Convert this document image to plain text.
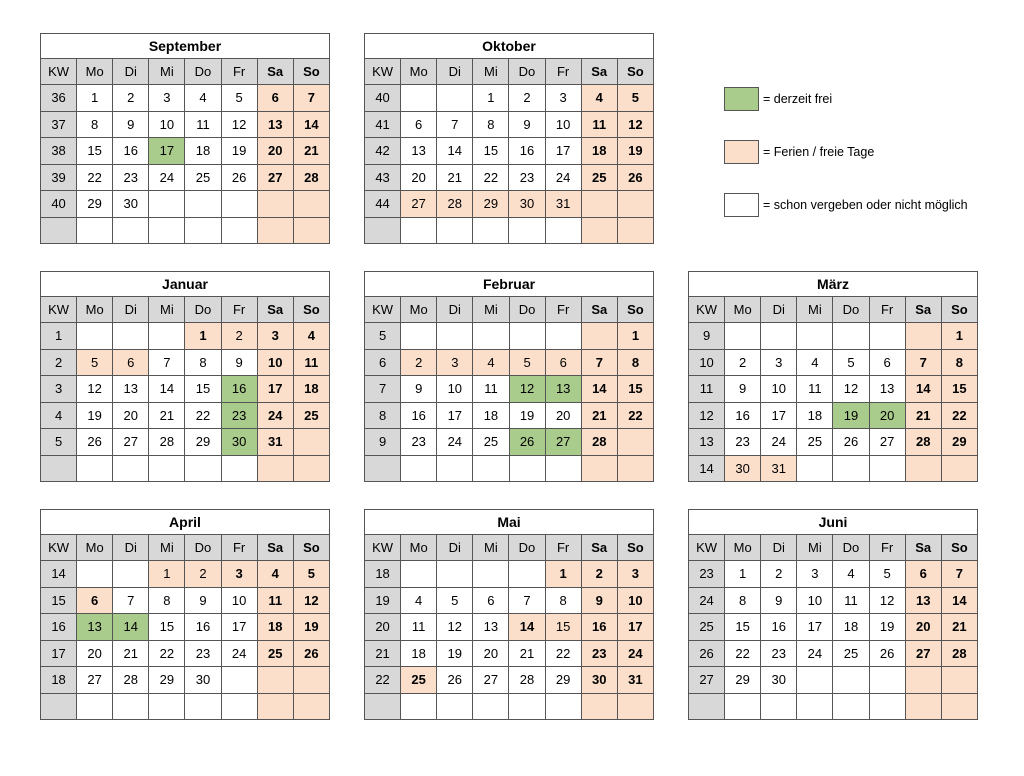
September							
KW	Mo	Di	Mi	Do	Fr	Sa	So
36	1	2	3	4	5	6	7
37	8	9	10	11	12	13	14
38	15	16	17	18	19	20	21
39	22	23	24	25	26	27	28
40	29	30					

Oktober							
KW	Mo	Di	Mi	Do	Fr	Sa	So
40			1	2	3	4	5
41	6	7	8	9	10	11	12
42	13	14	15	16	17	18	19
43	20	21	22	23	24	25	26
44	27	28	29	30	31		

Januar							
KW	Mo	Di	Mi	Do	Fr	Sa	So
1				1	2	3	4
2	5	6	7	8	9	10	11
3	12	13	14	15	16	17	18
4	19	20	21	22	23	24	25
5	26	27	28	29	30	31	

Februar							
KW	Mo	Di	Mi	Do	Fr	Sa	So
5							1
6	2	3	4	5	6	7	8
7	9	10	11	12	13	14	15
8	16	17	18	19	20	21	22
9	23	24	25	26	27	28	

März							
KW	Mo	Di	Mi	Do	Fr	Sa	So
9							1
10	2	3	4	5	6	7	8
11	9	10	11	12	13	14	15
12	16	17	18	19	20	21	22
13	23	24	25	26	27	28	29
14	30	31					
April							
KW	Mo	Di	Mi	Do	Fr	Sa	So
14			1	2	3	4	5
15	6	7	8	9	10	11	12
16	13	14	15	16	17	18	19
17	20	21	22	23	24	25	26
18	27	28	29	30			

Mai							
KW	Mo	Di	Mi	Do	Fr	Sa	So
18					1	2	3
19	4	5	6	7	8	9	10
20	11	12	13	14	15	16	17
21	18	19	20	21	22	23	24
22	25	26	27	28	29	30	31

Juni							
KW	Mo	Di	Mi	Do	Fr	Sa	So
23	1	2	3	4	5	6	7
24	8	9	10	11	12	13	14
25	15	16	17	18	19	20	21
26	22	23	24	25	26	27	28
27	29	30					

= derzeit frei
= Ferien / freie Tage
= schon vergeben oder nicht möglich
